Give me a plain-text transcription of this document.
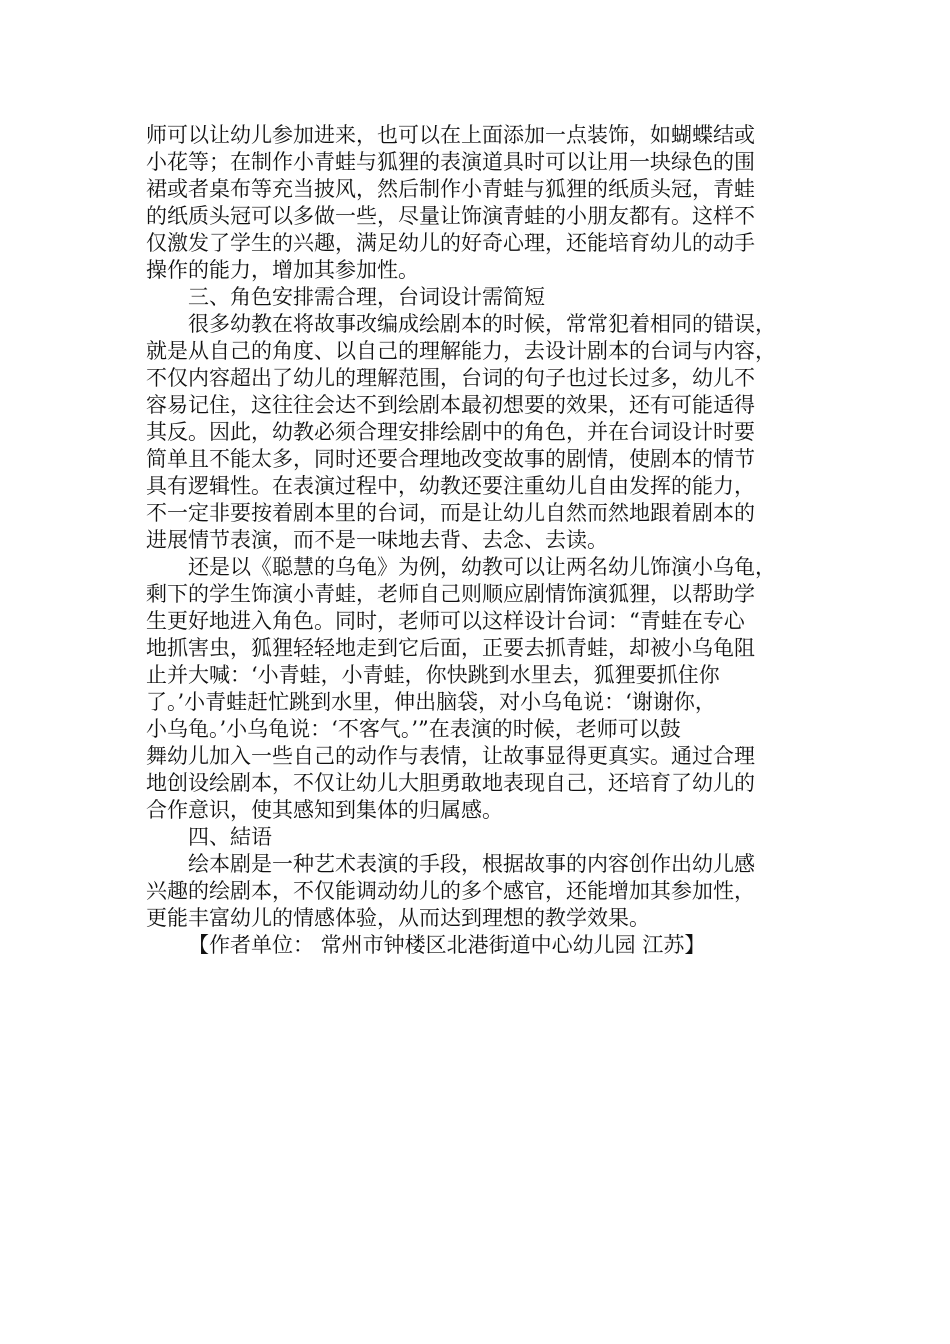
师可以让幼儿参加进来，也可以在上面添加一点装饰，如蝴蝶结或
小花等；在制作小青蛙与狐狸的表演道具时可以让用一块绿色的围
裙或者桌布等充当披风，然后制作小青蛙与狐狸的纸质头冠，青蛙
的纸质头冠可以多做一些，尽量让饰演青蛙的小朋友都有。这样不
仅激发了学生的兴趣，满足幼儿的好奇心理，还能培育幼儿的动手
操作的能力，增加其参加性。
三、角色安排需合理，台词设计需简短
很多幼教在将故事改编成绘剧本的时候，常常犯着相同的错误，
就是从自己的角度、以自己的理解能力，去设计剧本的台词与内容，
不仅内容超出了幼儿的理解范围，台词的句子也过长过多，幼儿不
容易记住，这往往会达不到绘剧本最初想要的效果，还有可能适得
其反。因此，幼教必须合理安排绘剧中的角色，并在台词设计时要
简单且不能太多，同时还要合理地改变故事的剧情，使剧本的情节
具有逻辑性。在表演过程中，幼教还要注重幼儿自由发挥的能力，
不一定非要按着剧本里的台词，而是让幼儿自然而然地跟着剧本的
进展情节表演，而不是一味地去背、去念、去读。
还是以《聪慧的乌龟》为例，幼教可以让两名幼儿饰演小乌龟，
剩下的学生饰演小青蛙，老师自己则顺应剧情饰演狐狸，以帮助学
生更好地进入角色。同时，老师可以这样设计台词：“青蛙在专心
地抓害虫，狐狸轻轻地走到它后面，正要去抓青蛙，却被小乌龟阻
止并大喊：‘小青蛙，小青蛙，你快跳到水里去，狐狸要抓住你
了。’小青蛙赶忙跳到水里，伸出脑袋，对小乌龟说：‘谢谢你，
小乌龟。’小乌龟说：‘不客气。’”在表演的时候，老师可以鼓
舞幼儿加入一些自己的动作与表情，让故事显得更真实。通过合理
地创设绘剧本，不仅让幼儿大胆勇敢地表现自己，还培育了幼儿的
合作意识，使其感知到集体的归属感。
四、結语
绘本剧是一种艺术表演的手段，根据故事的内容创作出幼儿感
兴趣的绘剧本，不仅能调动幼儿的多个感官，还能增加其参加性，
更能丰富幼儿的情感体验，从而达到理想的教学效果。
【作者单位： 常州市钟楼区北港街道中心幼儿园 江苏】
